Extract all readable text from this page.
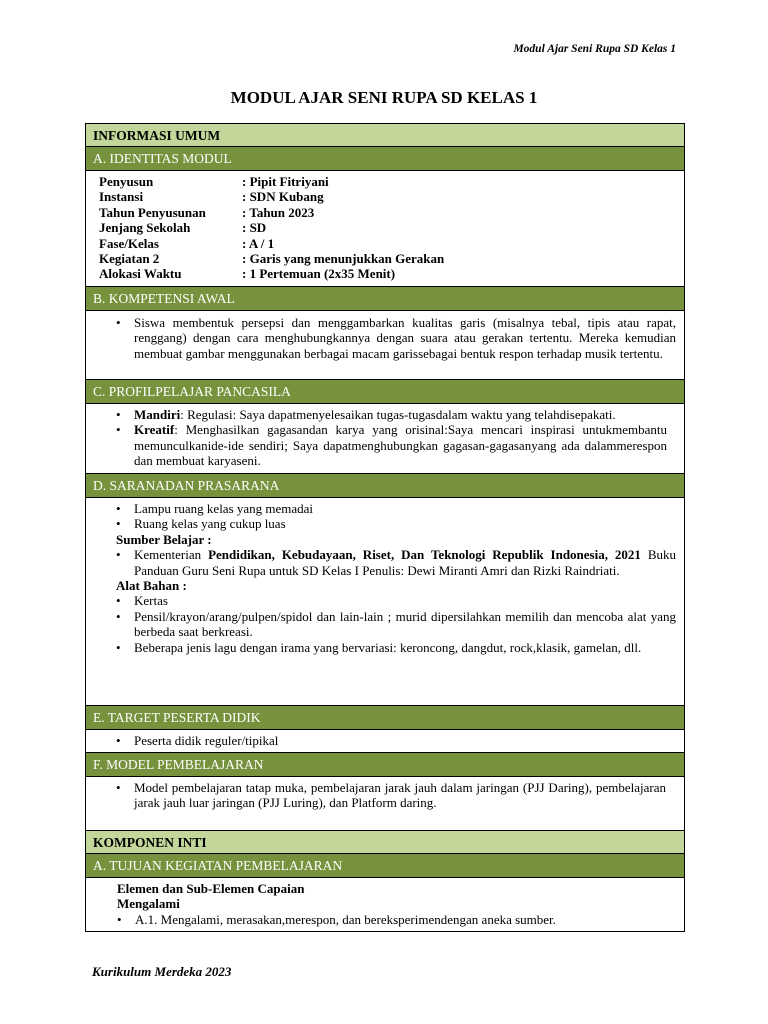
Modul Ajar Seni Rupa SD Kelas 1
MODUL AJAR SENI RUPA SD KELAS 1
INFORMASI UMUM
A. IDENTITAS MODUL
Penyusun	: Pipit Fitriyani
Instansi	: SDN Kubang
Tahun Penyusunan	: Tahun 2023
Jenjang Sekolah	: SD
Fase/Kelas	: A / 1
Kegiatan 2	: Garis yang menunjukkan Gerakan
Alokasi Waktu	: 1 Pertemuan (2x35 Menit)
B. KOMPETENSI AWAL
• Siswa membentuk persepsi dan menggambarkan kualitas garis (misalnya tebal, tipis atau rapat, renggang) dengan cara menghubungkannya dengan suara atau gerakan tertentu. Mereka kemudian membuat gambar menggunakan berbagai macam garissebagai bentuk respon terhadap musik tertentu.
C. PROFILPELAJAR PANCASILA
• Mandiri: Regulasi: Saya dapatmenyelesaikan tugas-tugasdalam waktu yang telahdisepakati.
• Kreatif: Menghasilkan gagasandan karya yang orisinal:Saya mencari inspirasi untukmembantu memunculkanide-ide sendiri; Saya dapatmenghubungkan gagasan-gagasanyang ada dalammerespon dan membuat karyaseni.
D. SARANADAN PRASARANA
• Lampu ruang kelas yang memadai
• Ruang kelas yang cukup luas
Sumber Belajar :
• Kementerian Pendidikan, Kebudayaan, Riset, Dan Teknologi Republik Indonesia, 2021 Buku Panduan Guru Seni Rupa untuk SD Kelas I Penulis: Dewi Miranti Amri dan Rizki Raindriati.
Alat Bahan :
• Kertas
• Pensil/krayon/arang/pulpen/spidol dan lain-lain ; murid dipersilahkan memilih dan mencoba alat yang berbeda saat berkreasi.
• Beberapa jenis lagu dengan irama yang bervariasi: keroncong, dangdut, rock,klasik, gamelan, dll.
E. TARGET PESERTA DIDIK
• Peserta didik reguler/tipikal
F. MODEL PEMBELAJARAN
• Model pembelajaran tatap muka, pembelajaran jarak jauh dalam jaringan (PJJ Daring), pembelajaran jarak jauh luar jaringan (PJJ Luring), dan Platform daring.
KOMPONEN INTI
A. TUJUAN KEGIATAN PEMBELAJARAN
Elemen dan Sub-Elemen Capaian
Mengalami
• A.1. Mengalami, merasakan,merespon, dan bereksperimendengan aneka sumber.
Kurikulum Merdeka 2023
